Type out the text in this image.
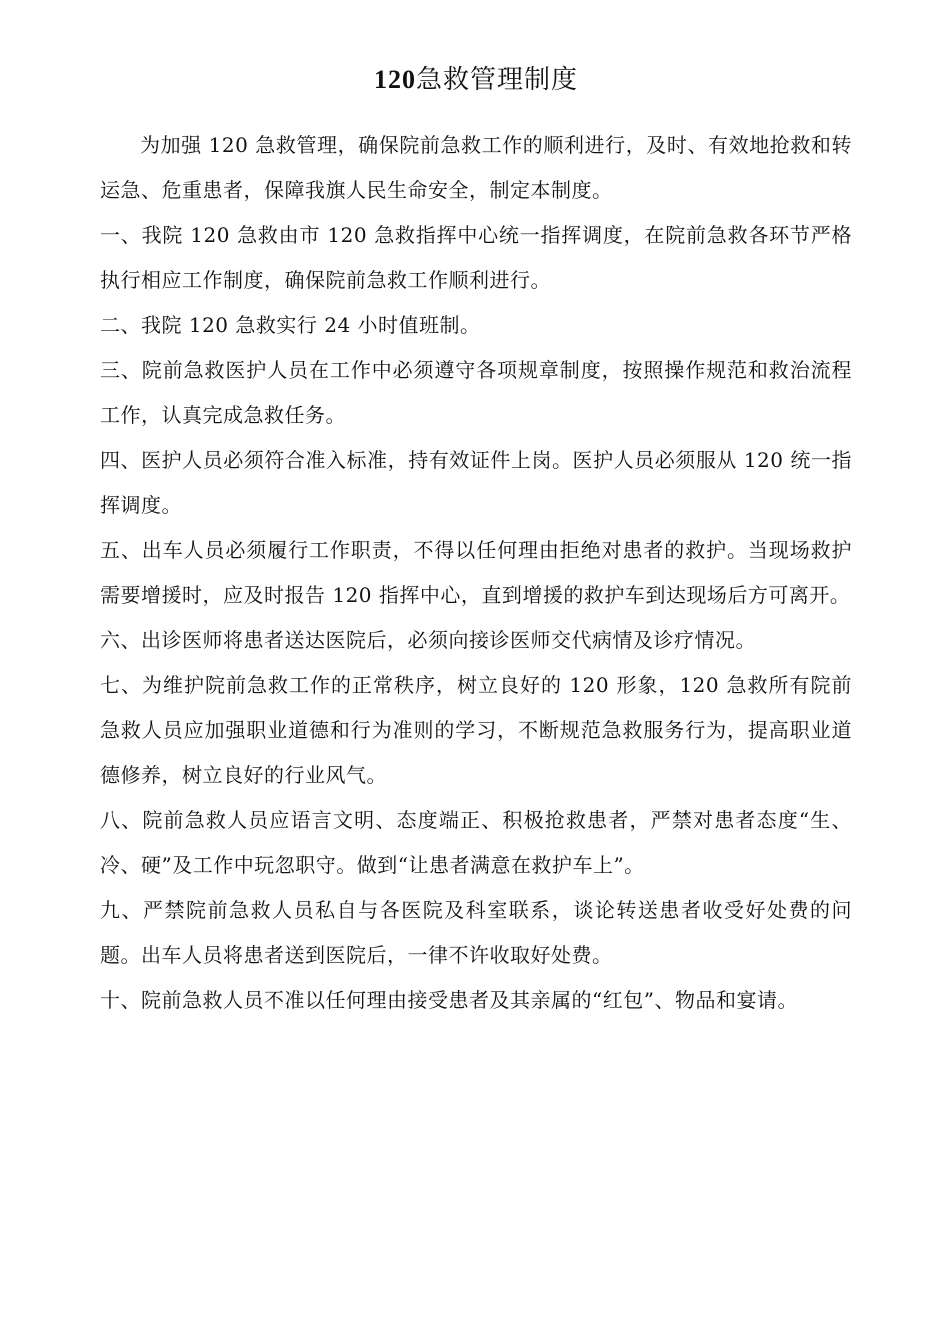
120急救管理制度

为加强 120 急救管理，确保院前急救工作的顺利进行，及时、有效地抢救和转运急、危重患者，保障我旗人民生命安全，制定本制度。

一、我院 120 急救由市 120 急救指挥中心统一指挥调度，在院前急救各环节严格执行相应工作制度，确保院前急救工作顺利进行。

二、我院 120 急救实行 24 小时值班制。

三、院前急救医护人员在工作中必须遵守各项规章制度，按照操作规范和救治流程工作，认真完成急救任务。

四、医护人员必须符合准入标准，持有效证件上岗。医护人员必须服从 120 统一指挥调度。

五、出车人员必须履行工作职责，不得以任何理由拒绝对患者的救护。当现场救护需要增援时，应及时报告 120 指挥中心，直到增援的救护车到达现场后方可离开。

六、出诊医师将患者送达医院后，必须向接诊医师交代病情及诊疗情况。

七、为维护院前急救工作的正常秩序，树立良好的 120 形象，120 急救所有院前急救人员应加强职业道德和行为准则的学习，不断规范急救服务行为，提高职业道德修养，树立良好的行业风气。

八、院前急救人员应语言文明、态度端正、积极抢救患者，严禁对患者态度“生、冷、硬”及工作中玩忽职守。做到“让患者满意在救护车上”。

九、严禁院前急救人员私自与各医院及科室联系，谈论转送患者收受好处费的问题。出车人员将患者送到医院后，一律不许收取好处费。

十、院前急救人员不准以任何理由接受患者及其亲属的“红包”、物品和宴请。
